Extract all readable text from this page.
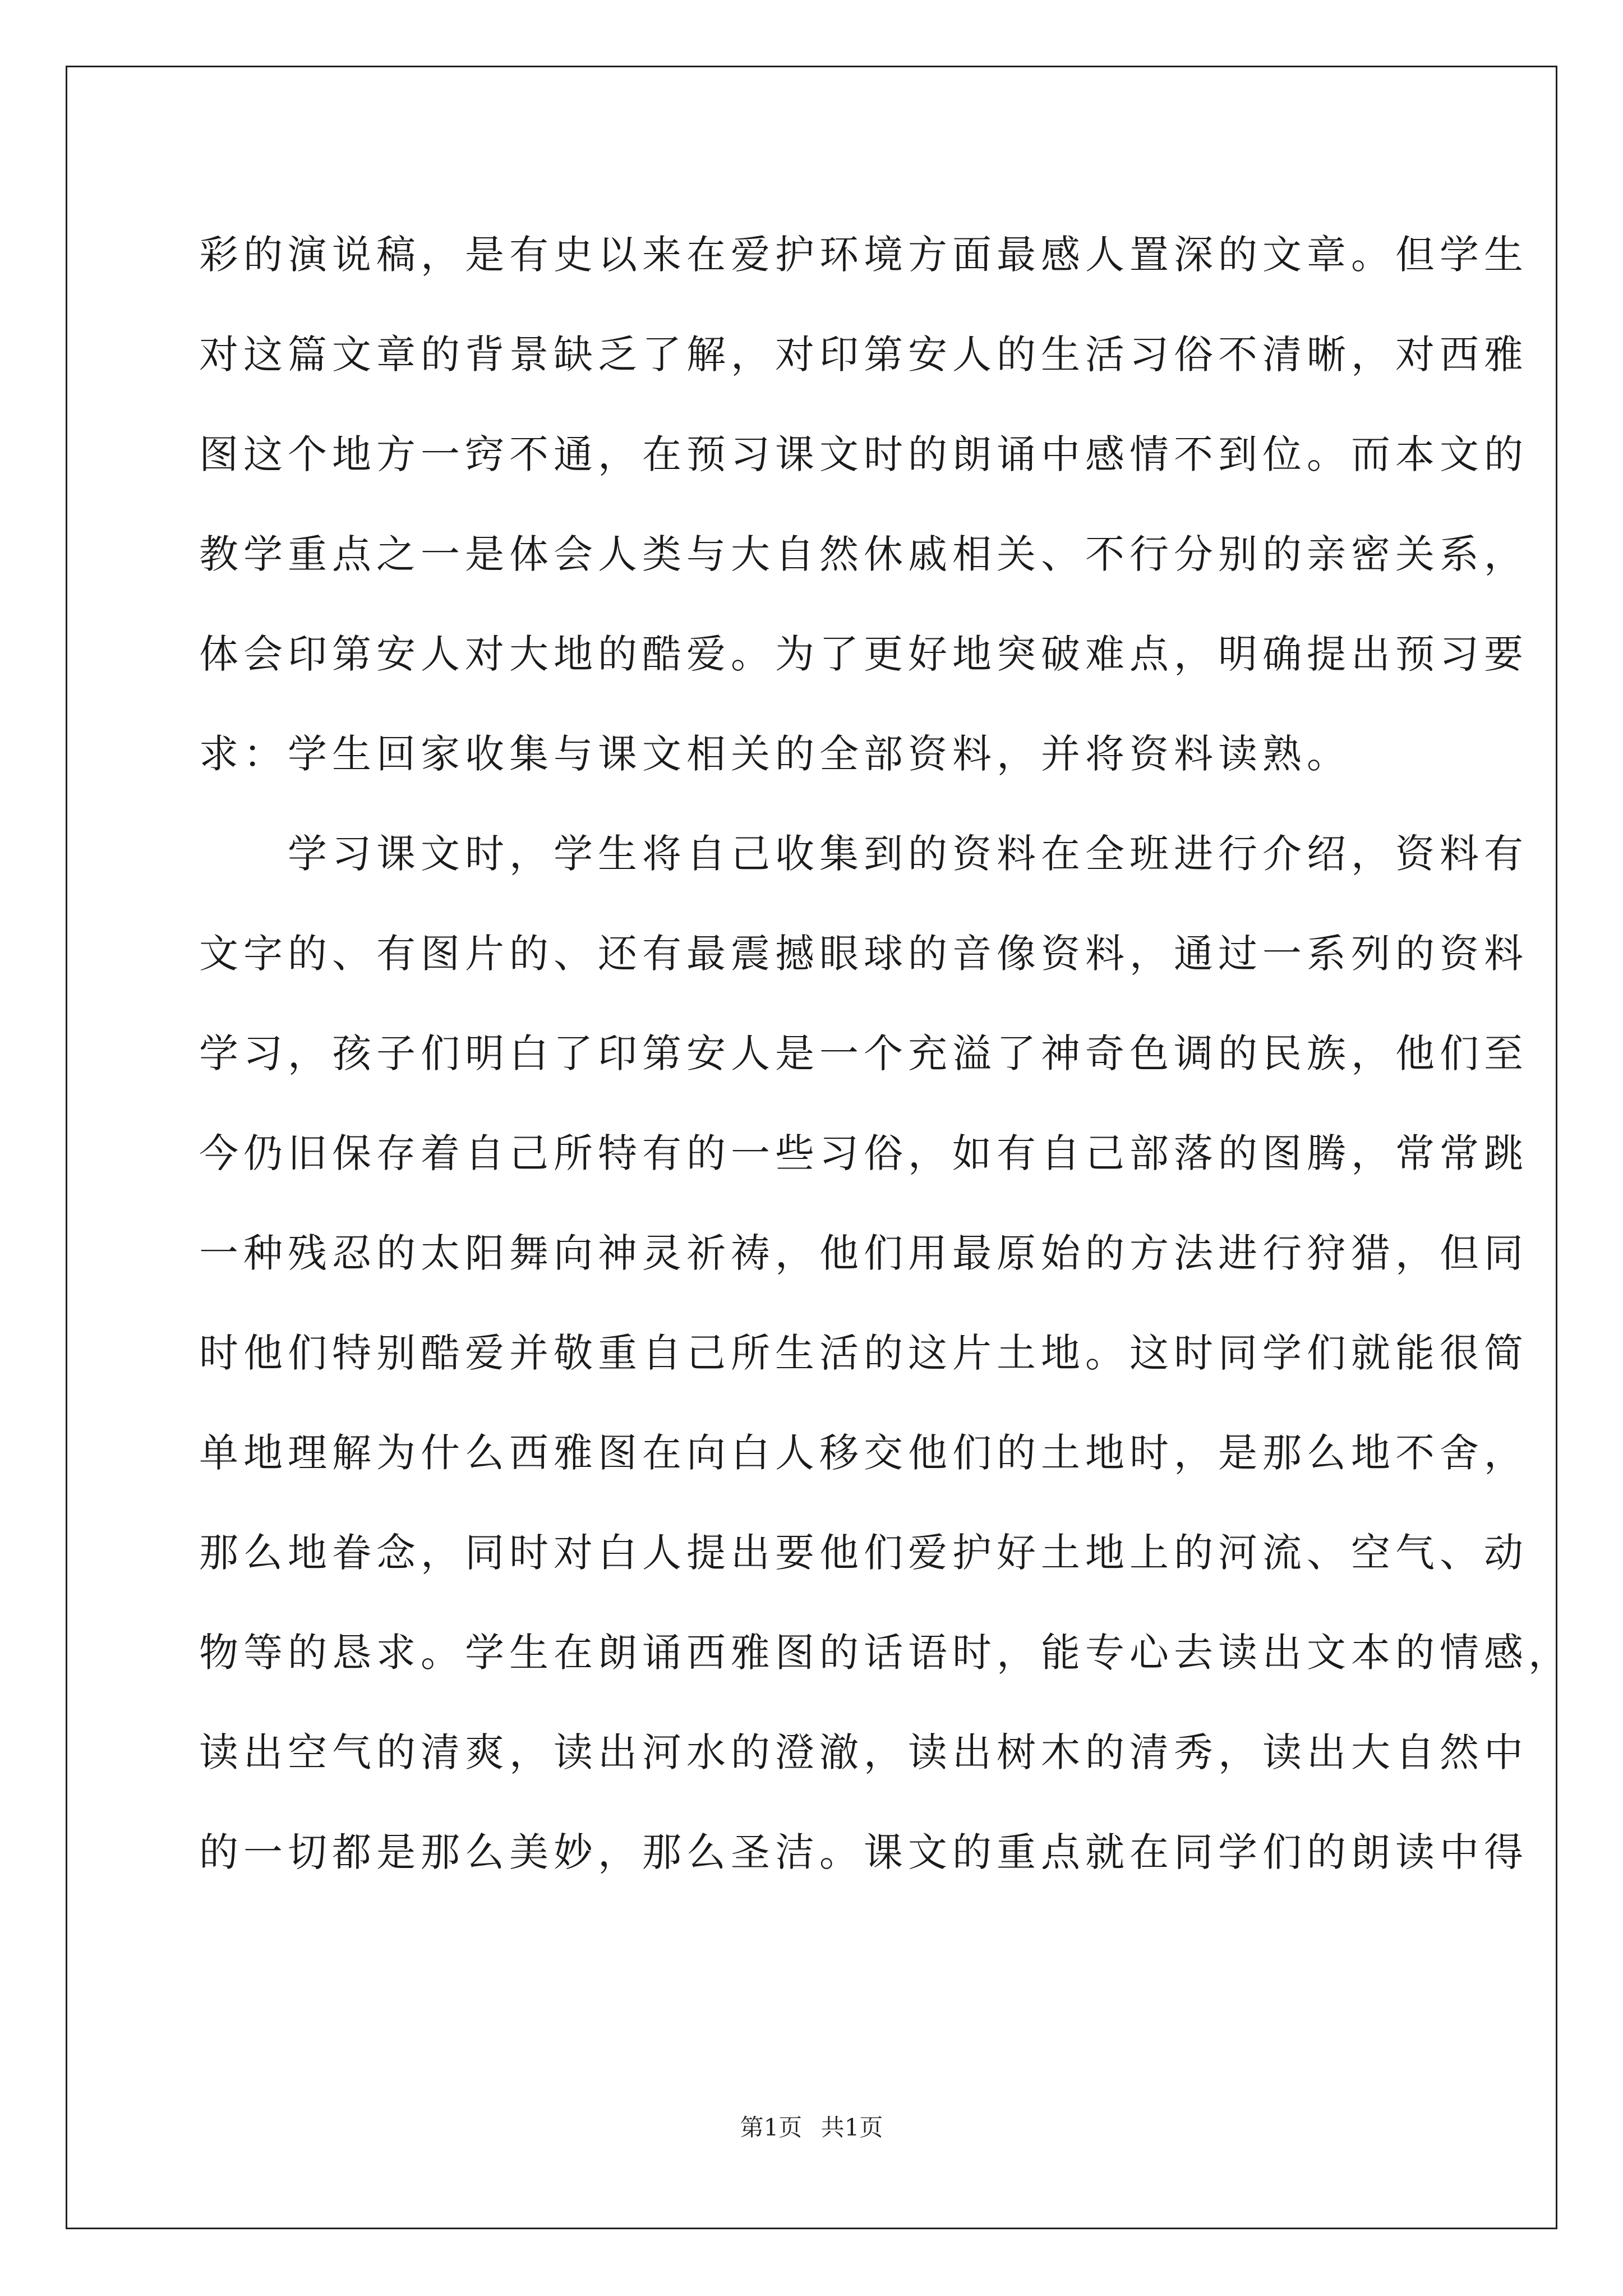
彩的演说稿，是有史以来在爱护环境方面最感人置深的文章。但学生
对这篇文章的背景缺乏了解，对印第安人的生活习俗不清晰，对西雅
图这个地方一窍不通，在预习课文时的朗诵中感情不到位。而本文的
教学重点之一是体会人类与大自然休戚相关、不行分别的亲密关系，
体会印第安人对大地的酷爱。为了更好地突破难点，明确提出预习要
求：学生回家收集与课文相关的全部资料，并将资料读熟。
　　学习课文时，学生将自己收集到的资料在全班进行介绍，资料有
文字的、有图片的、还有最震撼眼球的音像资料，通过一系列的资料
学习，孩子们明白了印第安人是一个充溢了神奇色调的民族，他们至
今仍旧保存着自己所特有的一些习俗，如有自己部落的图腾，常常跳
一种残忍的太阳舞向神灵祈祷，他们用最原始的方法进行狩猎，但同
时他们特别酷爱并敬重自己所生活的这片土地。这时同学们就能很简
单地理解为什么西雅图在向白人移交他们的土地时，是那么地不舍，
那么地眷念，同时对白人提出要他们爱护好土地上的河流、空气、动
物等的恳求。学生在朗诵西雅图的话语时，能专心去读出文本的情感，
读出空气的清爽，读出河水的澄澈，读出树木的清秀，读出大自然中
的一切都是那么美妙，那么圣洁。课文的重点就在同学们的朗读中得
第1页 共1页
